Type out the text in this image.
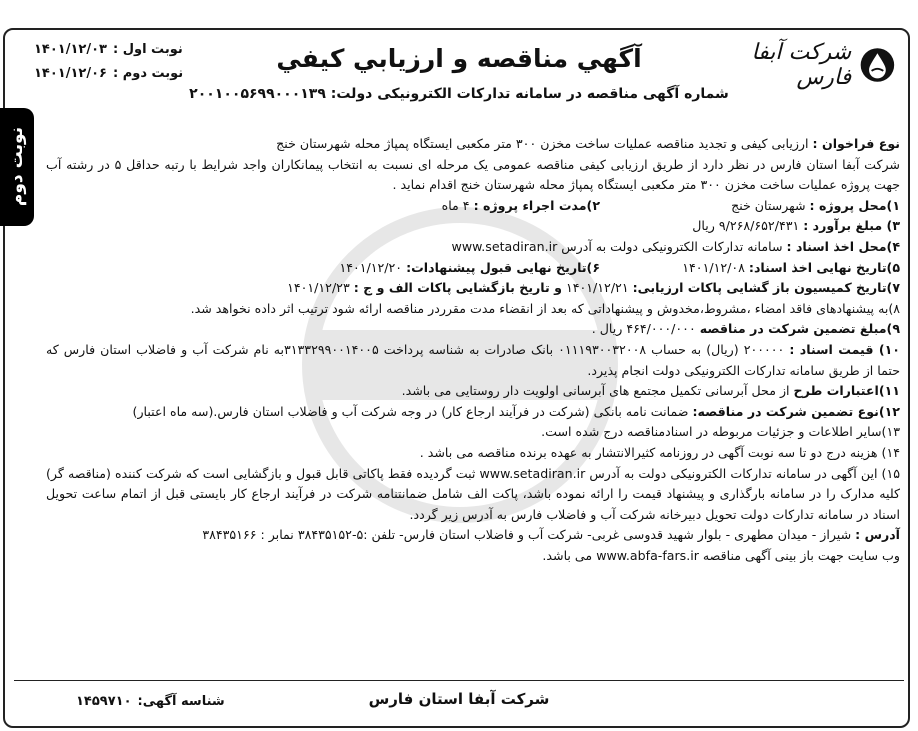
نوبت دوم
نوبت اول :
۱۴۰۱/۱۲/۰۳
نوبت دوم :
۱۴۰۱/۱۲/۰۶
شرکت آبفا فارس
آگهي مناقصه و ارزيابي کيفي
شماره آگهی مناقصه در سامانه تدارکات الکترونیکی دولت: ۲۰۰۱۰۰۵۶۹۹۰۰۰۱۳۹

نوع فراخوان : ارزیابی کیفی و تجدید مناقصه عملیات ساخت مخزن ۳۰۰ متر مکعبی ایستگاه پمپاژ محله شهرستان خنج

شرکت آبفا استان فارس در نظر دارد از طریق ارزیابی کیفی مناقصه عمومی یک مرحله ای نسبت به انتخاب پیمانکاران واجد شرایط با رتبه حداقل ۵ در رشته آب جهت پروژه عملیات ساخت مخزن ۳۰۰ متر مکعبی ایستگاه پمپاژ محله شهرستان خنج اقدام نماید .

۱)محل پروژه : شهرستان خنج
۲)مدت اجراء پروژه : ۴ ماه

۳) مبلغ برآورد : ۹/۲۶۸/۶۵۲/۴۳۱ ریال

۴)محل اخذ اسناد : سامانه تدارکات الکترونیکی دولت به آدرس www.setadiran.ir

۵)تاریخ نهایی اخذ اسناد: ۱۴۰۱/۱۲/۰۸
۶)تاریخ نهایی قبول پیشنهادات: ۱۴۰۱/۱۲/۲۰

۷)تاریخ کمیسیون باز گشایی پاکات ارزیابی: ۱۴۰۱/۱۲/۲۱ و تاریخ بازگشایی پاکات الف و ج : ۱۴۰۱/۱۲/۲۳

۸)به پیشنهادهای فاقد امضاء ،مشروط،مخدوش و پیشنهاداتی که بعد از انقضاء مدت مقرردر مناقصه ارائه شود ترتیب اثر داده نخواهد شد.

۹)مبلغ تضمین شرکت در مناقصه ۴۶۴/۰۰۰/۰۰۰ ریال .

۱۰) قیمت اسناد : ۲۰۰۰۰۰ (ریال) به حساب ۰۱۱۱۹۳۰۰۳۲۰۰۸ بانک صادرات به شناسه پرداخت ۳۱۳۳۲۹۹۰۰۱۴۰۰۵به نام شرکت آب و فاضلاب استان فارس که حتما از طریق سامانه تدارکات الکترونیکی دولت انجام پذیرد.

۱۱)اعتبارات طرح از محل آبرسانی تکمیل مجتمع های آبرسانی اولویت دار روستایی می باشد.

۱۲)نوع تضمین شرکت در مناقصه: ضمانت نامه بانکی (شرکت در فرآیند ارجاع کار) در وجه شرکت آب و فاضلاب استان فارس.(سه ماه اعتبار)

۱۳)سایر اطلاعات و جزئیات مربوطه در اسنادمناقصه درج شده است.

۱۴) هزینه درج دو تا سه نوبت آگهی در روزنامه کثیرالانتشار به عهده برنده مناقصه می باشد .

۱۵) این آگهی در سامانه تدارکات الکترونیکی دولت به آدرس www.setadiran.ir ثبت گردیده فقط پاکاتی قابل قبول و بازگشایی است که شرکت کننده (مناقصه گر) کلیه مدارک را در سامانه بارگذاری و پیشنهاد قیمت را ارائه نموده باشد، پاکت الف شامل ضمانتنامه شرکت در فرآیند ارجاع کار بایستی قبل از اتمام ساعت تحویل اسناد در سامانه تدارکات دولت تحویل دبیرخانه شرکت آب و فاضلاب فارس به آدرس زیر گردد.

آدرس : شیراز - میدان مطهری - بلوار شهید قدوسی غربی- شرکت آب و فاضلاب استان فارس- تلفن :۵-۳۸۴۳۵۱۵۲ نمابر : ۳۸۴۳۵۱۶۶

وب سایت جهت باز بینی آگهی مناقصه www.abfa-fars.ir می باشد.

شرکت آبفا استان فارس
شناسه آگهی:
۱۴۵۹۷۱۰
